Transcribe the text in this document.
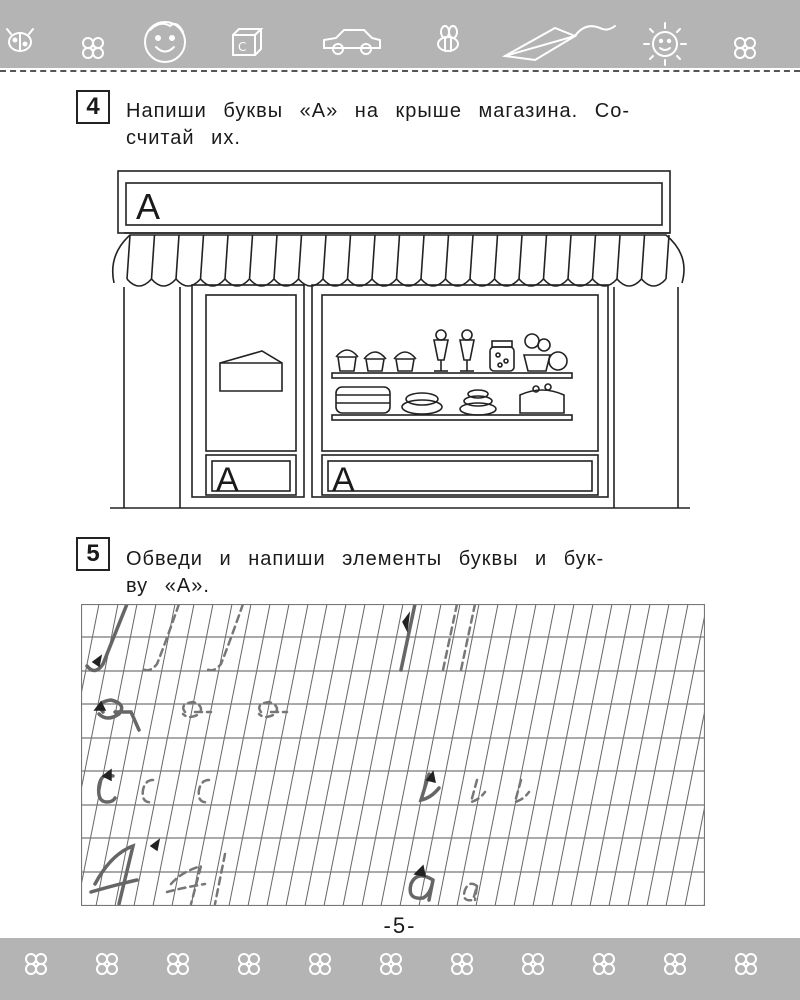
C
4	Напиши буквы «А» на крыше магазина. Со-
считай их.
А
А	А
5	Обведи и напиши элементы буквы и бук-
ву «А».
-5-
